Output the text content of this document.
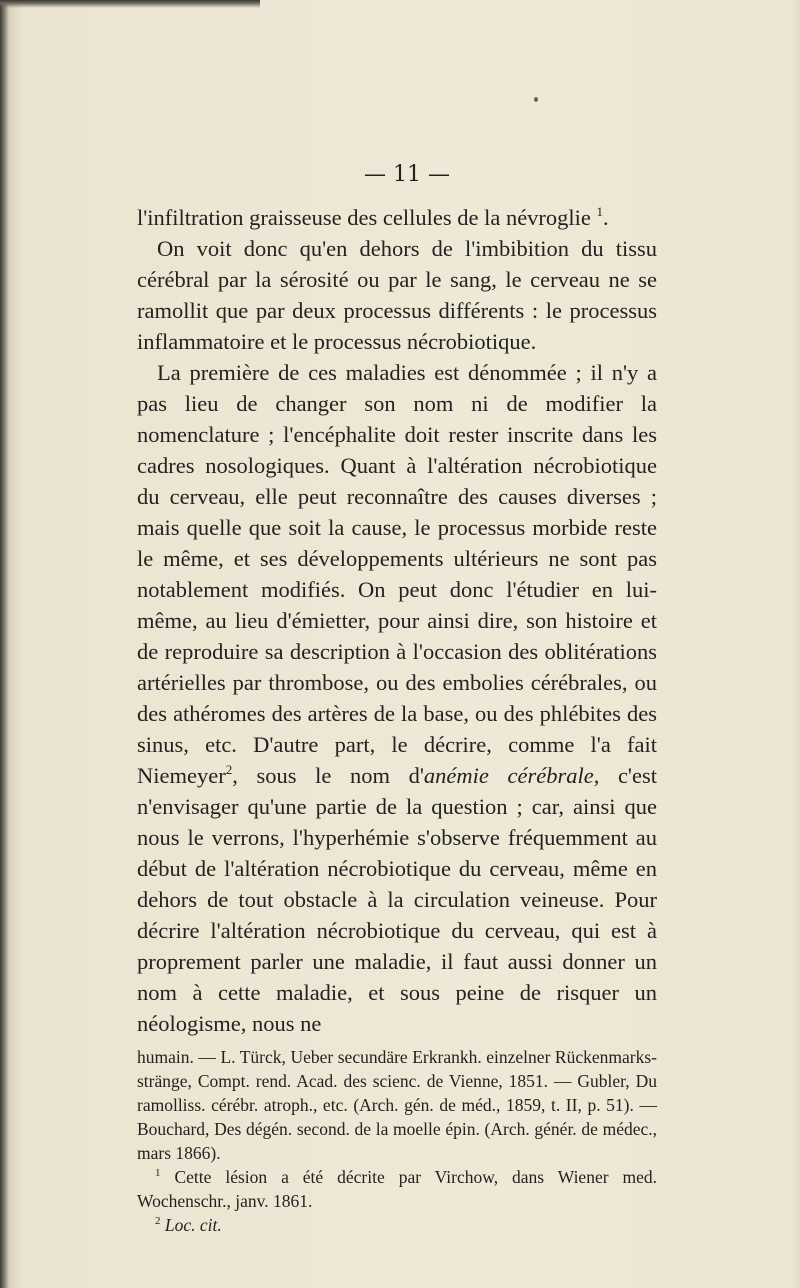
— 11 —
l'infiltration graisseuse des cellules de la névroglie $^1$.
On voit donc qu'en dehors de l'imbibition du tissu cérébral par la sérosité ou par le sang, le cerveau ne se ramollit que par deux processus différents : le processus inflammatoire et le processus nécrobiotique.
La première de ces maladies est dénommée ; il n'y a pas lieu de changer son nom ni de modifier la nomenclature ; l'encéphalite doit rester inscrite dans les cadres nosologiques. Quant à l'altération nécrobiotique du cerveau, elle peut reconnaître des causes diverses ; mais quelle que soit la cause, le processus morbide reste le même, et ses développements ultérieurs ne sont pas notablement modifiés. On peut donc l'étudier en lui-même, au lieu d'émietter, pour ainsi dire, son histoire et de reproduire sa description à l'occasion des oblitérations artérielles par thrombose, ou des embolies cérébrales, ou des athéromes des artères de la base, ou des phlébites des sinus, etc. D'autre part, le décrire, comme l'a fait Niemeyer$^2$, sous le nom d'anémie cérébrale, c'est n'envisager qu'une partie de la question ; car, ainsi que nous le verrons, l'hyperhémie s'observe fréquemment au début de l'altération nécrobiotique du cerveau, même en dehors de tout obstacle à la circulation veineuse. Pour décrire l'altération nécrobiotique du cerveau, qui est à proprement parler une maladie, il faut aussi donner un nom à cette maladie, et sous peine de risquer un néologisme, nous ne

humain. — L. Türck, Ueber secundäre Erkrankh. einzelner Rückenmarks-stränge, Compt. rend. Acad. des scienc. de Vienne, 1851. — Gubler, Du ramolliss. cérébr. atroph., etc. (Arch. gén. de méd., 1859, t. II, p. 51). — Bouchard, Des dégén. second. de la moelle épin. (Arch. génér. de médec., mars 1866).

$^1$ Cette lésion a été décrite par Virchow, dans Wiener med. Wochenschr., janv. 1861.

$^2$ Loc. cit.
